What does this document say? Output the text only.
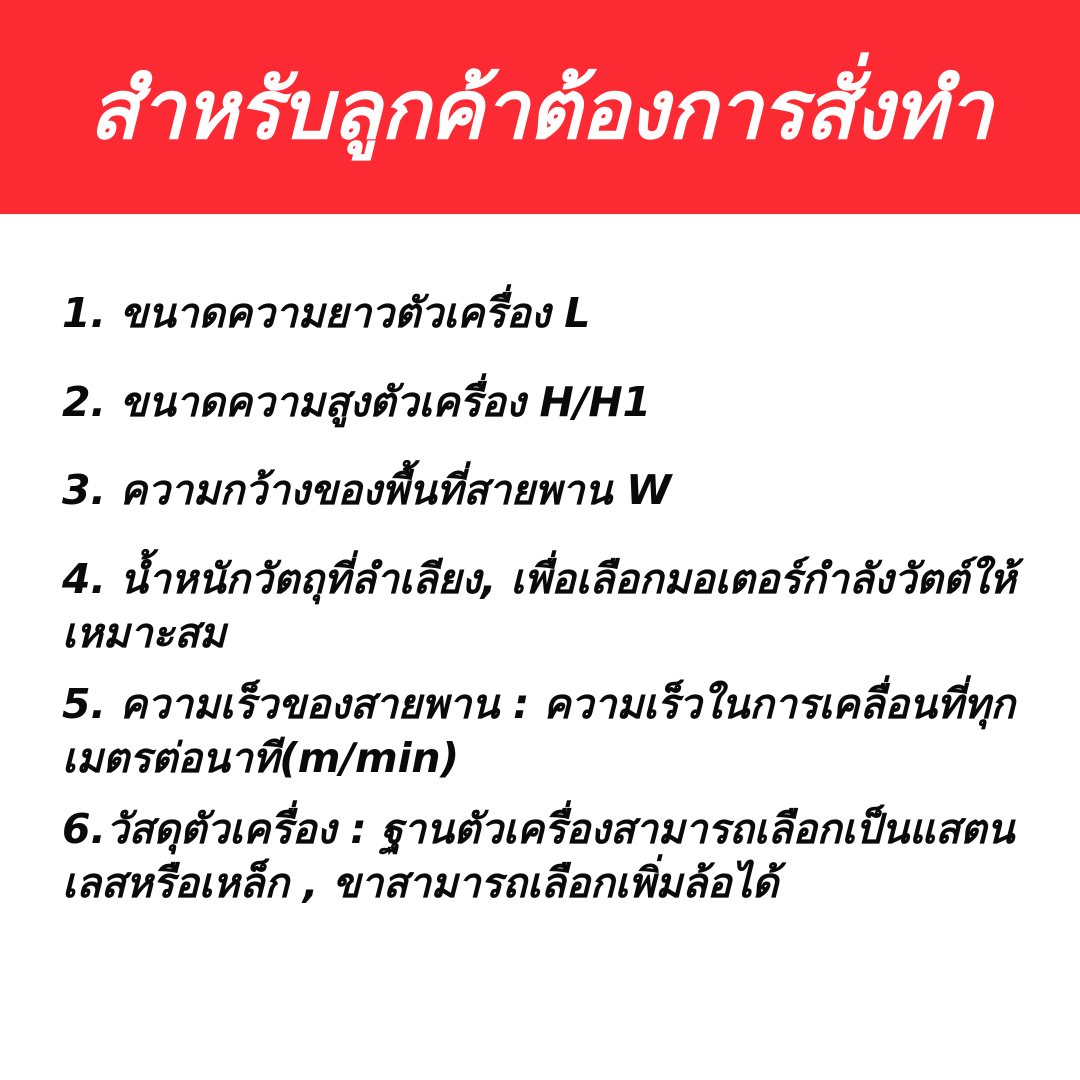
สำหรับลูกค้าต้องการสั่งทำ
1. ขนาดความยาวตัวเครื่อง L
2. ขนาดความสูงตัวเครื่อง H/H1
3. ความกว้างของพื้นที่สายพาน W
4. น้ำหนักวัตถุที่ลำเลียง, เพื่อเลือกมอเตอร์กำลังวัตต์ให้เหมาะสม
5. ความเร็วของสายพาน : ความเร็วในการเคลื่อนที่ทุกเมตรต่อนาที(m/min)
6.วัสดุตัวเครื่อง : ฐานตัวเครื่องสามารถเลือกเป็นแสตนเลสหรือเหล็ก , ขาสามารถเลือกเพิ่มล้อได้
